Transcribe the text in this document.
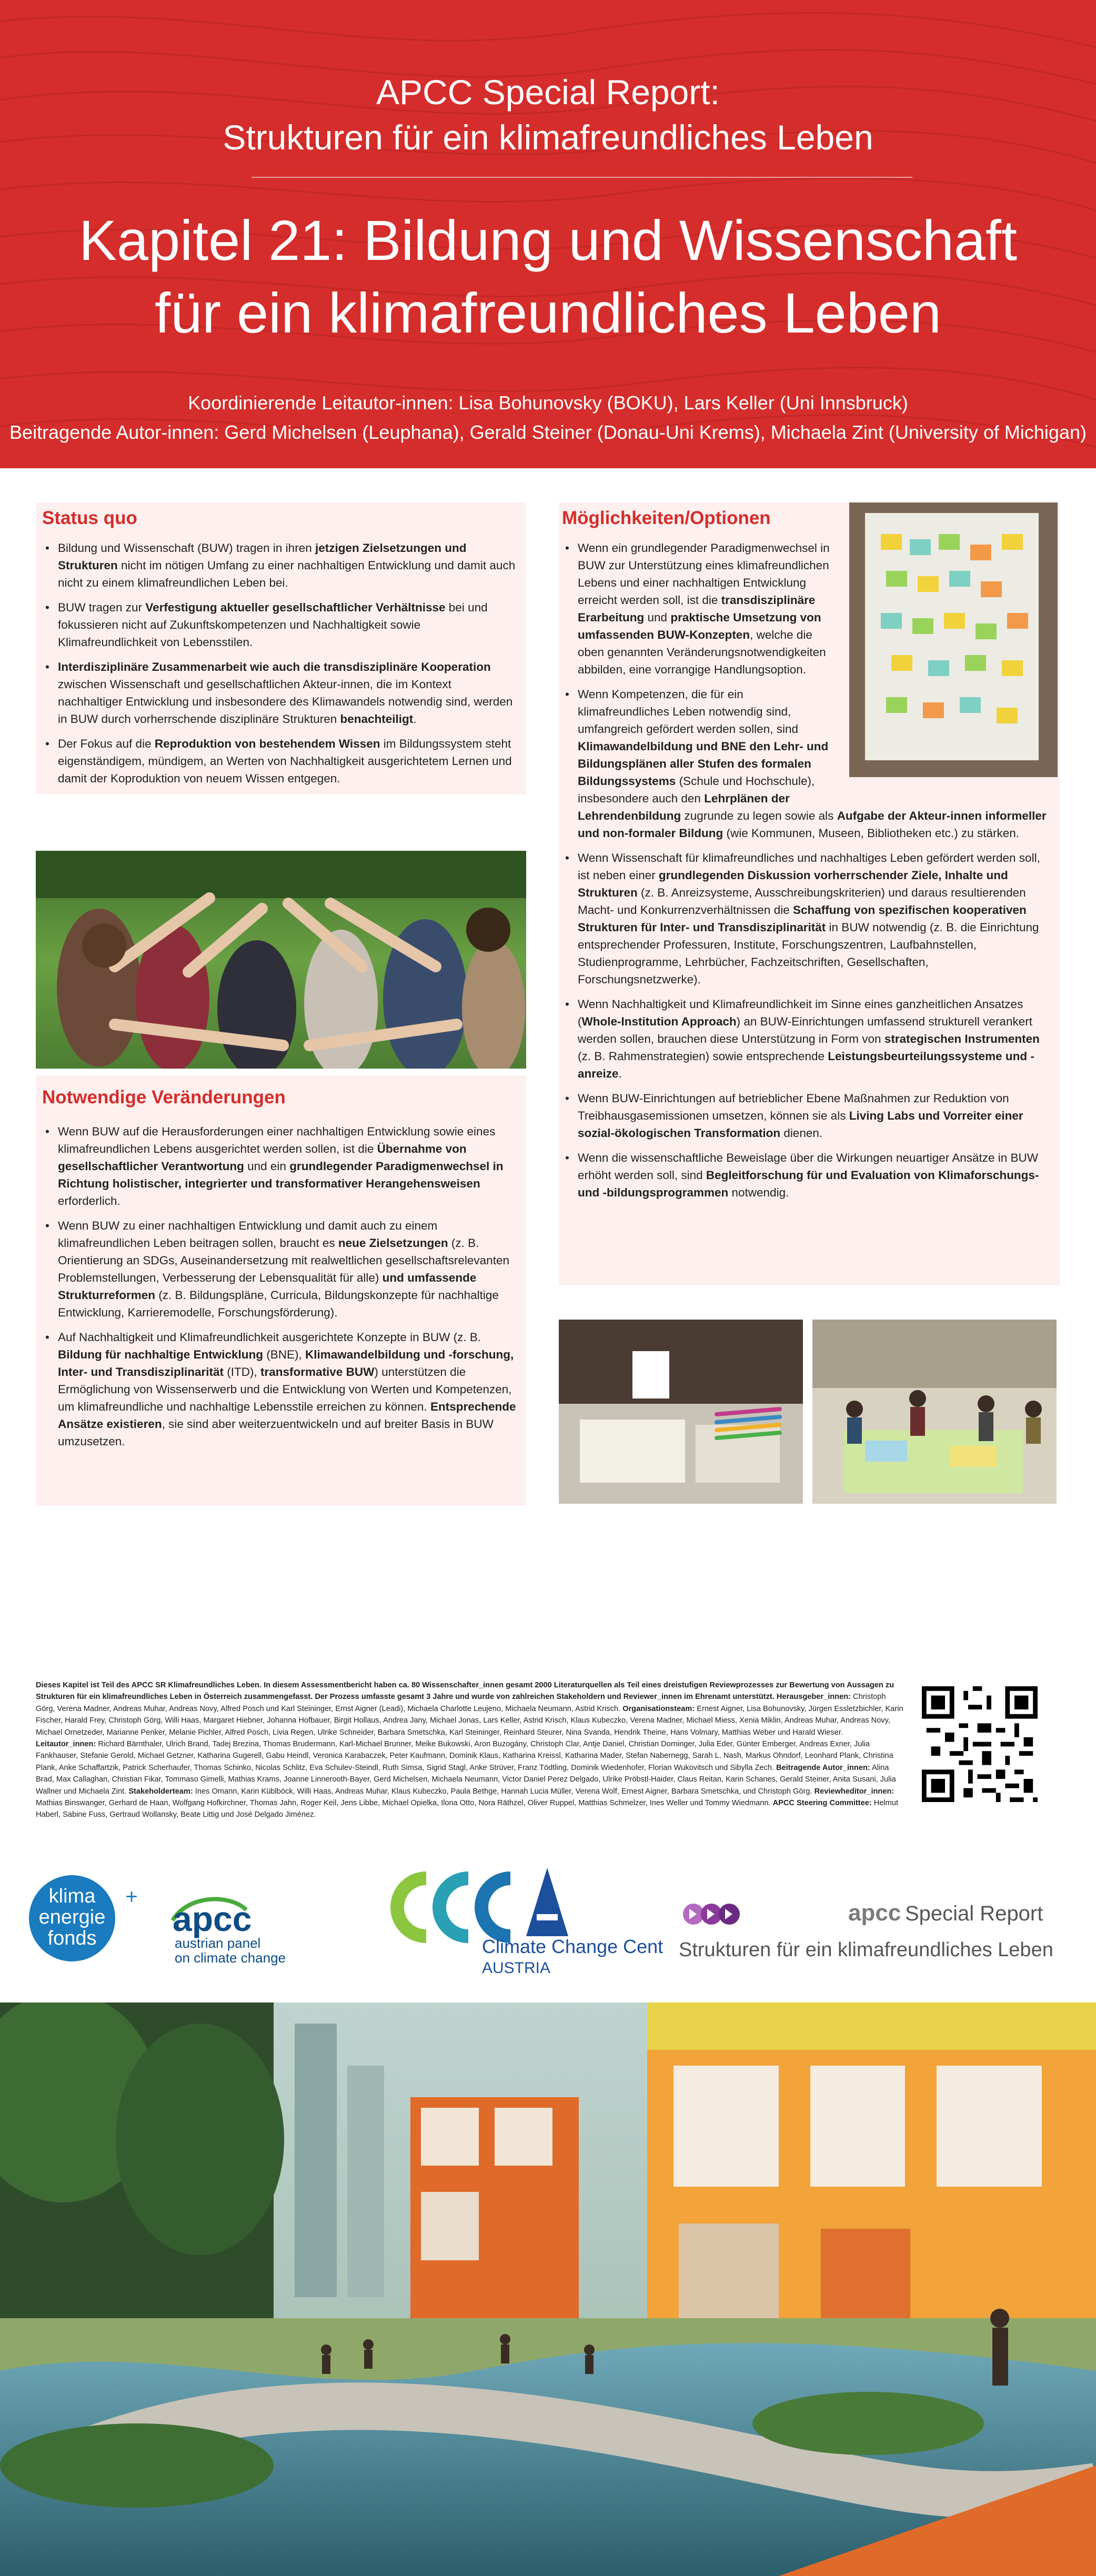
APCC Special Report:
Strukturen für ein klimafreundliches Leben
Kapitel 21: Bildung und Wissenschaft
für ein klimafreundliches Leben
Koordinierende Leitautor-innen: Lisa Bohunovsky (BOKU), Lars Keller (Uni Innsbruck)
Beitragende Autor-innen: Gerd Michelsen (Leuphana), Gerald Steiner (Donau-Uni Krems), Michaela Zint (University of Michigan)
Status quo
• Bildung und Wissenschaft (BUW) tragen in ihren jetzigen Zielsetzungen und Strukturen nicht im nötigen Umfang zu einer nachhaltigen Entwicklung und damit auch nicht zu einem klimafreundlichen Leben bei.
• BUW tragen zur Verfestigung aktueller gesellschaftlicher Verhältnisse bei und fokussieren nicht auf Zukunftskompetenzen und Nachhaltigkeit sowie Klimafreundlichkeit von Lebensstilen.
• Interdisziplinäre Zusammenarbeit wie auch die transdisziplinäre Kooperation zwischen Wissenschaft und gesellschaftlichen Akteur-innen, die im Kontext nachhaltiger Entwicklung und insbesondere des Klimawandels notwendig sind, werden in BUW durch vorherrschende disziplinäre Strukturen benachteiligt.
• Der Fokus auf die Reproduktion von bestehendem Wissen im Bildungssystem steht eigenständigem, mündigem, an Werten von Nachhaltigkeit ausgerichtetem Lernen und damit der Koproduktion von neuem Wissen entgegen.
Notwendige Veränderungen
• Wenn BUW auf die Herausforderungen einer nachhaltigen Entwicklung sowie eines klimafreundlichen Lebens ausgerichtet werden sollen, ist die Übernahme von gesellschaftlicher Verantwortung und ein grundlegender Paradigmenwechsel in Richtung holistischer, integrierter und transformativer Herangehensweisen erforderlich.
• Wenn BUW zu einer nachhaltigen Entwicklung und damit auch zu einem klimafreundlichen Leben beitragen sollen, braucht es neue Zielsetzungen (z. B. Orientierung an SDGs, Auseinandersetzung mit realweltlichen gesellschaftsrelevanten Problemstellungen, Verbesserung der Lebensqualität für alle) und umfassende Strukturreformen (z. B. Bildungspläne, Curricula, Bildungskonzepte für nachhaltige Entwicklung, Karrieremodelle, Forschungsförderung).
• Auf Nachhaltigkeit und Klimafreundlichkeit ausgerichtete Konzepte in BUW (z. B. Bildung für nachhaltige Entwicklung (BNE), Klimawandelbildung und -forschung, Inter- und Transdisziplinarität (ITD), transformative BUW) unterstützen die Ermöglichung von Wissenserwerb und die Entwicklung von Werten und Kompetenzen, um klimafreundliche und nachhaltige Lebensstile erreichen zu können. Entsprechende Ansätze existieren, sie sind aber weiterzuentwickeln und auf breiter Basis in BUW umzusetzen.
Möglichkeiten/Optionen
• Wenn ein grundlegender Paradigmenwechsel in BUW zur Unterstützung eines klimafreundlichen Lebens und einer nachhaltigen Entwicklung erreicht werden soll, ist die transdisziplinäre Erarbeitung und praktische Umsetzung von umfassenden BUW-Konzepten, welche die oben genannten Veränderungsnotwendigkeiten abbilden, eine vorrangige Handlungsoption.
• Wenn Kompetenzen, die für ein klimafreundliches Leben notwendig sind, umfangreich gefördert werden sollen, sind Klimawandelbildung und BNE den Lehr- und Bildungsplänen aller Stufen des formalen Bildungssystems (Schule und Hochschule), insbesondere auch den Lehrplänen der Lehrendenbildung zugrunde zu legen sowie als Aufgabe der Akteur-innen informeller und non-formaler Bildung (wie Kommunen, Museen, Bibliotheken etc.) zu stärken.
• Wenn Wissenschaft für klimafreundliches und nachhaltiges Leben gefördert werden soll, ist neben einer grundlegenden Diskussion vorherrschender Ziele, Inhalte und Strukturen (z. B. Anreizsysteme, Ausschreibungskriterien) und daraus resultierenden Macht- und Konkurrenzverhältnissen die Schaffung von spezifischen kooperativen Strukturen für Inter- und Transdisziplinarität in BUW notwendig (z. B. die Einrichtung entsprechender Professuren, Institute, Forschungszentren, Laufbahnstellen, Studienprogramme, Lehrbücher, Fachzeitschriften, Gesellschaften, Forschungsnetzwerke).
• Wenn Nachhaltigkeit und Klimafreundlichkeit im Sinne eines ganzheitlichen Ansatzes (Whole-Institution Approach) an BUW-Einrichtungen umfassend strukturell verankert werden sollen, brauchen diese Unterstützung in Form von strategischen Instrumenten (z. B. Rahmenstrategien) sowie entsprechende Leistungsbeurteilungssysteme und -anreize.
• Wenn BUW-Einrichtungen auf betrieblicher Ebene Maßnahmen zur Reduktion von Treibhausgasemissionen umsetzen, können sie als Living Labs und Vorreiter einer sozial-ökologischen Transformation dienen.
• Wenn die wissenschaftliche Beweislage über die Wirkungen neuartiger Ansätze in BUW erhöht werden soll, sind Begleitforschung für und Evaluation von Klimaforschungs- und -bildungsprogrammen notwendig.
Dieses Kapitel ist Teil des APCC SR Klimafreundliches Leben. In diesem Assessmentbericht haben ca. 80 Wissenschafter_innen gesamt 2000 Literaturquellen als Teil eines dreistufigen Reviewprozesses zur Bewertung von Aussagen zu Strukturen für ein klimafreundliches Leben in Österreich zusammengefasst. Der Prozess umfasste gesamt 3 Jahre und wurde von zahlreichen Stakeholdern und Reviewer_innen im Ehrenamt unterstützt. Herausgeber_innen: Christoph Görg, Verena Madner, Andreas Muhar, Andreas Novy, Alfred Posch und Karl Steininger, Ernst Aigner (Leadi), Michaela Charlotte Leujeno, Michaela Neumann, Astrid Krisch. Organisationsteam: Ernest Aigner, Lisa Bohunovsky, Jürgen Essletzbichler, Karin Fischer, Harald Frey, Christoph Görg, Willi Haas, Margaret Hiebner, Johanna Hofbauer, Birgit Hollaus, Andrea Jany, Michael Jonas, Lars Keller, Astrid Krisch, Klaus Kubeczko, Verena Madner, Michael Miess, Xenia Miklin, Andreas Muhar, Andreas Novy, Michael Ornetzeder, Marianne Penker, Melanie Pichler, Alfred Posch, Livia Regen, Ulrike Schneider, Barbara Smetschka, Karl Steininger, Reinhard Steurer, Nina Svanda, Hendrik Theine, Hans Volmary, Matthias Weber und Harald Wieser. Leitautor_innen: Richard Bärnthaler, Ulrich Brand, Tadej Brezina, Thomas Brudermann, Karl-Michael Brunner, Meike Bukowski, Aron Buzogány, Christoph Clar, Antje Daniel, Christian Dorninger, Julia Eder, Günter Emberger, Andreas Exner, Julia Fankhauser, Stefanie Gerold, Michael Getzner, Katharina Gugerell, Gabu Heindl, Veronica Karabaczek, Peter Kaufmann, Dominik Klaus, Katharina Kreissl, Katharina Mader, Stefan Nabernegg, Sarah L. Nash, Markus Ohndorf, Leonhard Plank, Christina Plank, Anke Schaffartzik, Patrick Scherhaufer, Thomas Schinko, Nicolas Schlitz, Eva Schulev-Steindl, Ruth Simsa, Sigrid Stagl, Anke Strüver, Franz Tödtling, Dominik Wiedenhofer, Florian Wukovitsch und Sibylla Zech. Beitragende Autor_innen: Alina Brad, Max Callaghan, Christian Fikar, Tommaso Gimelli, Mathias Krams, Joanne Linnerooth-Bayer, Gerd Michelsen, Michaela Neumann, Victor Daniel Perez Delgado, Ulrike Pröbstl-Haider, Claus Reitan, Karin Schanes, Gerald Steiner, Anita Susani, Julia Wallner und Michaela Zint. Stakeholderteam: Ines Omann, Karin Küblböck, Willi Haas, Andreas Muhar, Klaus Kubeczko, Paula Bethge, Hannah Lucia Müller, Verena Wolf, Ernest Aigner, Barbara Smetschka, und Christoph Görg. Reviewheditor_innen: Mathias Binswanger, Gerhard de Haan, Wolfgang Hofkirchner, Thomas Jahn, Roger Keil, Jens Libbe, Michael Opielka, Ilona Otto, Nora Räthzel, Oliver Ruppel, Matthias Schmelzer, Ines Weller und Tommy Wiedmann. APCC Steering Committee: Helmut Haberl, Sabine Fuss, Gertraud Wollansky, Beate Littig und José Delgado Jiménez.
klima
energie
fonds
+
apcc
austrian panel
on climate change
CCCA
Climate Change Centre
AUSTRIA
apcc Special Report
Strukturen für ein klimafreundliches Leben
